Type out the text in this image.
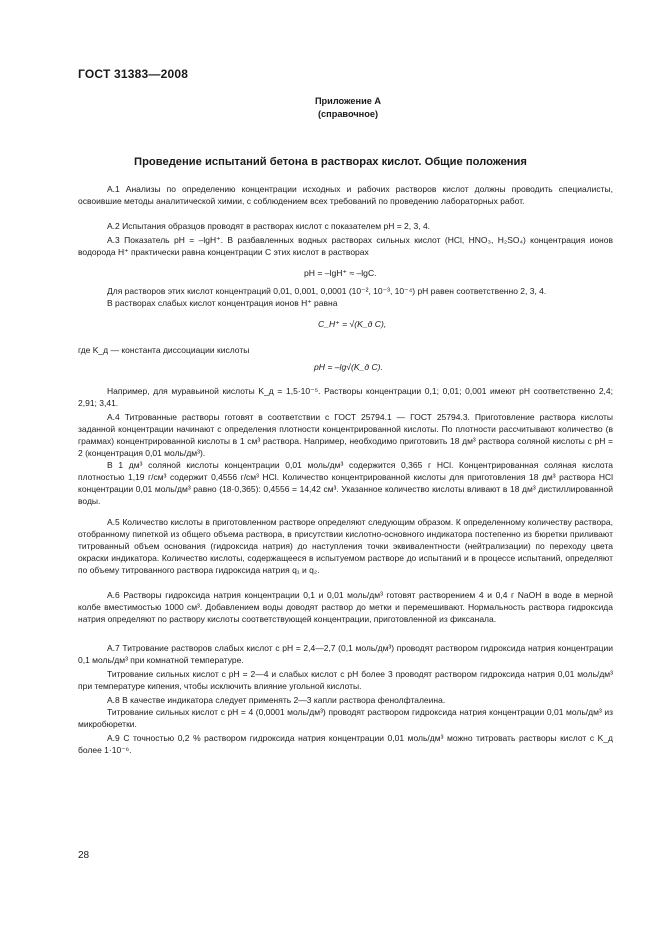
ГОСТ 31383—2008
Приложение А
(справочное)
Проведение испытаний бетона в растворах кислот. Общие положения
А.1 Анализы по определению концентрации исходных и рабочих растворов кислот должны проводить специалисты, освоившие методы аналитической химии, с соблюдением всех требований по проведению лабораторных работ.
А.2 Испытания образцов проводят в растворах кислот с показателем рН = 2, 3, 4.
А.3 Показатель рН = –lgH⁺. В разбавленных водных растворах сильных кислот (HCl, HNO₃, H₂SO₄) концентрация ионов водорода H⁺ практически равна концентрации C этих кислот в растворах
pH = –lgH⁺ ≈ –lgC.
Для растворов этих кислот концентраций 0,01, 0,001, 0,0001 (10⁻², 10⁻³, 10⁻⁴) рН равен соответственно 2, 3, 4.
В растворах слабых кислот концентрация ионов H⁺ равна
C_H⁺ = √(K_д C),
где K_д — константа диссоциации кислоты
pH = –lg√(K_д C).
Например, для муравьиной кислоты K_д = 1,5·10⁻⁵. Растворы концентрации 0,1; 0,01; 0,001 имеют рН соответственно 2,4; 2,91; 3,41.
А.4 Титрованные растворы готовят в соответствии с ГОСТ 25794.1 — ГОСТ 25794.3. Приготовление раствора кислоты заданной концентрации начинают с определения плотности концентрированной кислоты. По плотности рассчитывают количество (в граммах) концентрированной кислоты в 1 см³ раствора. Например, необходимо приготовить 18 дм³ раствора соляной кислоты с рН = 2 (концентрация 0,01 моль/дм³).
В 1 дм³ соляной кислоты концентрации 0,01 моль/дм³ содержится 0,365 г HCl. Концентрированная соляная кислота плотностью 1,19 г/см³ содержит 0,4556 г/см³ HCl. Количество концентрированной кислоты для приготовления 18 дм³ раствора HCl концентрации 0,01 моль/дм³ равно (18·0,365): 0,4556 = 14,42 см³. Указанное количество кислоты вливают в 18 дм³ дистиллированной воды.
А.5 Количество кислоты в приготовленном растворе определяют следующим образом. К определенному количеству раствора, отобранному пипеткой из общего объема раствора, в присутствии кислотно-основного индикатора постепенно из бюретки приливают титрованный объем основания (гидроксида натрия) до наступления точки эквивалентности (нейтрализации) по переходу цвета окраски индикатора. Количество кислоты, содержащееся в испытуемом растворе до испытаний и в процессе испытаний, определяют по объему титрованного раствора гидроксида натрия q₁ и q₂.
А.6 Растворы гидроксида натрия концентрации 0,1 и 0,01 моль/дм³ готовят растворением 4 и 0,4 г NaOH в воде в мерной колбе вместимостью 1000 см³. Добавлением воды доводят раствор до метки и перемешивают. Нормальность раствора гидроксида натрия определяют по раствору кислоты соответствующей концентрации, приготовленной из фиксанала.
А.7 Титрование растворов слабых кислот с рН = 2,4—2,7 (0,1 моль/дм³) проводят раствором гидроксида натрия концентрации 0,1 моль/дм³ при комнатной температуре.
Титрование сильных кислот с рН = 2—4 и слабых кислот с рН более 3 проводят раствором гидроксида натрия 0,01 моль/дм³ при температуре кипения, чтобы исключить влияние угольной кислоты.
А.8 В качестве индикатора следует применять 2—3 капли раствора фенолфталеина.
Титрование сильных кислот с рН = 4 (0,0001 моль/дм³) проводят раствором гидроксида натрия концентрации 0,01 моль/дм³ из микробюретки.
А.9 С точностью 0,2 % раствором гидроксида натрия концентрации 0,01 моль/дм³ можно титровать растворы кислот с K_д более 1·10⁻⁶.
28
